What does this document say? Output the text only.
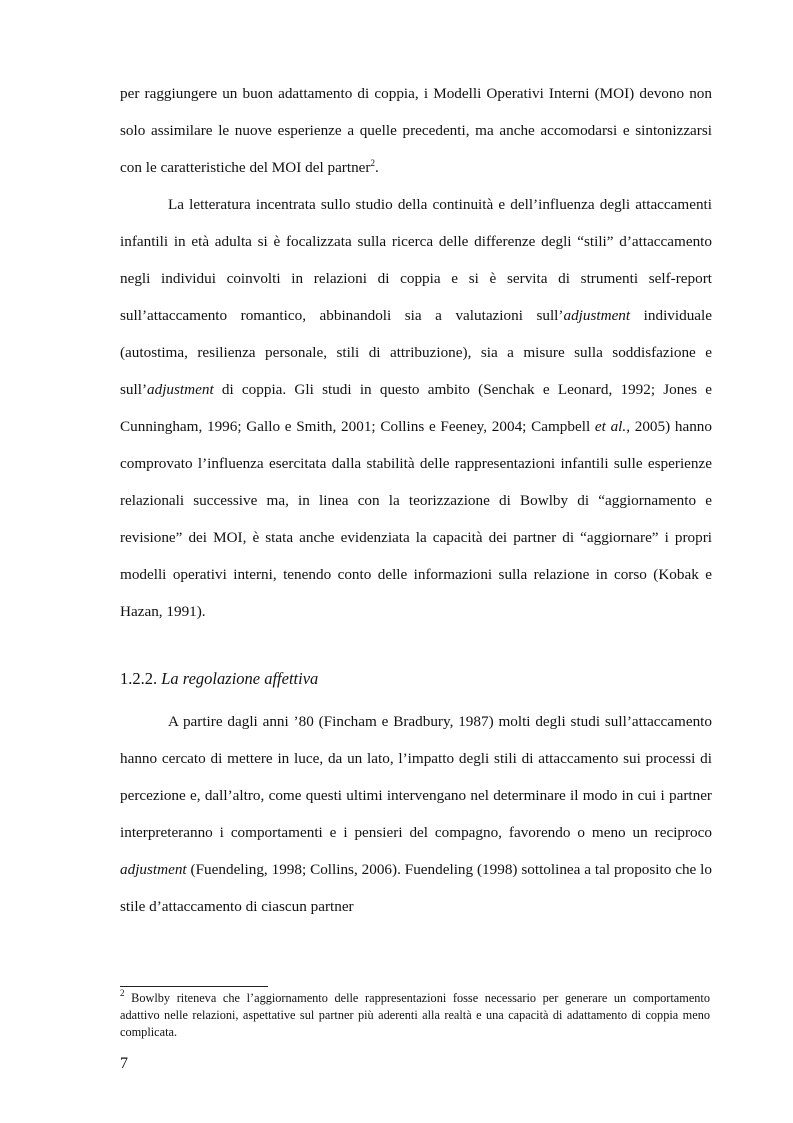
per raggiungere un buon adattamento di coppia, i Modelli Operativi Interni (MOI) devono non solo assimilare le nuove esperienze a quelle precedenti, ma anche accomodarsi e sintonizzarsi con le caratteristiche del MOI del partner$^2$.

La letteratura incentrata sullo studio della continuità e dell’influenza degli attaccamenti infantili in età adulta si è focalizzata sulla ricerca delle differenze degli “stili” d’attaccamento negli individui coinvolti in relazioni di coppia e si è servita di strumenti self-report sull’attaccamento romantico, abbinandoli sia a valutazioni sull’adjustment individuale (autostima, resilienza personale, stili di attribuzione), sia a misure sulla soddisfazione e sull’adjustment di coppia. Gli studi in questo ambito (Senchak e Leonard, 1992; Jones e Cunningham, 1996; Gallo e Smith, 2001; Collins e Feeney, 2004; Campbell et al., 2005) hanno comprovato l’influenza esercitata dalla stabilità delle rappresentazioni infantili sulle esperienze relazionali successive ma, in linea con la teorizzazione di Bowlby di “aggiornamento e revisione” dei MOI, è stata anche evidenziata la capacità dei partner di “aggiornare” i propri modelli operativi interni, tenendo conto delle informazioni sulla relazione in corso (Kobak e Hazan, 1991).

1.2.2. La regolazione affettiva

A partire dagli anni ’80 (Fincham e Bradbury, 1987) molti degli studi sull’attaccamento hanno cercato di mettere in luce, da un lato, l’impatto degli stili di attaccamento sui processi di percezione e, dall’altro, come questi ultimi intervengano nel determinare il modo in cui i partner interpreteranno i comportamenti e i pensieri del compagno, favorendo o meno un reciproco adjustment (Fuendeling, 1998; Collins, 2006). Fuendeling (1998) sottolinea a tal proposito che lo stile d’attaccamento di ciascun partner

$^2$ Bowlby riteneva che l’aggiornamento delle rappresentazioni fosse necessario per generare un comportamento adattivo nelle relazioni, aspettative sul partner più aderenti alla realtà e una capacità di adattamento di coppia meno complicata.

7
